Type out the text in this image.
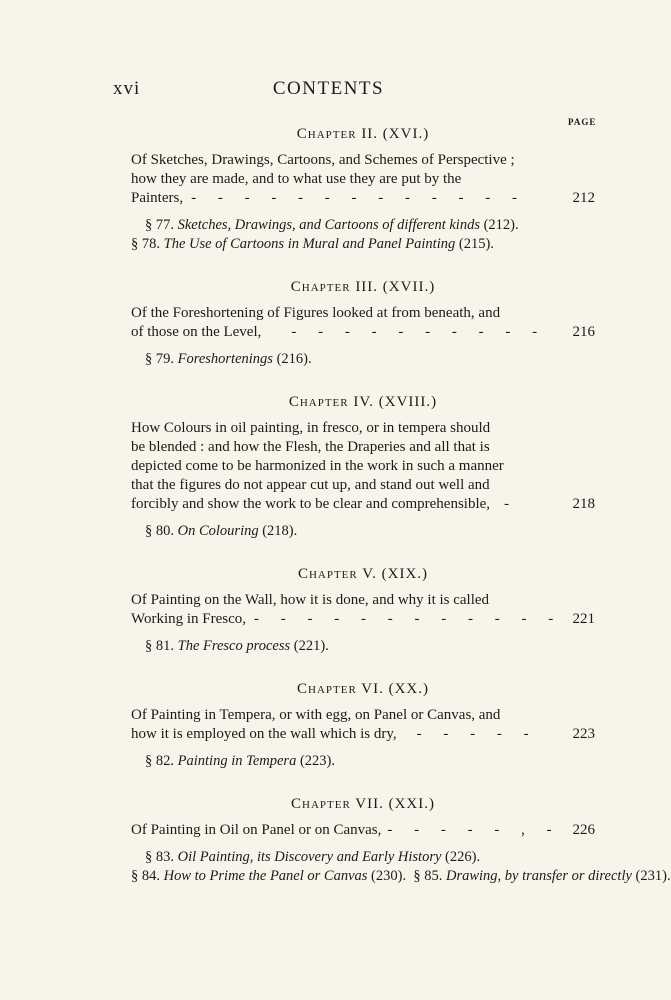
xvi	CONTENTS
PAGE
Chapter II. (XVI.)
Of Sketches, Drawings, Cartoons, and Schemes of Perspective ;
how they are made, and to what use they are put by the
Painters, - - - - - - - - - - - - -	212
§ 77. Sketches, Drawings, and Cartoons of different kinds (212).
§ 78. The Use of Cartoons in Mural and Panel Painting (215).
Chapter III. (XVII.)
Of the Foreshortening of Figures looked at from beneath, and
of those on the Level, - - - - - - - - - - 216
§ 79. Foreshortenings (216).
Chapter IV. (XVIII.)
How Colours in oil painting, in fresco, or in tempera should
be blended : and how the Flesh, the Draperies and all that is
depicted come to be harmonized in the work in such a manner
that the figures do not appear cut up, and stand out well and
forcibly and show the work to be clear and comprehensible, -	218
§ 80. On Colouring (218).
Chapter V. (XIX.)
Of Painting on the Wall, how it is done, and why it is called
Working in Fresco, - - - - - - - - - - - - 221
§ 81. The Fresco process (221).
Chapter VI. (XX.)
Of Painting in Tempera, or with egg, on Panel or Canvas, and
how it is employed on the wall which is dry, - - - - - 223
§ 82. Painting in Tempera (223).
Chapter VII. (XXI.)
Of Painting in Oil on Panel or on Canvas, - - - - - , - 226
§ 83. Oil Painting, its Discovery and Early History (226).
§ 84. How to Prime the Panel or Canvas (230). § 85. Drawing, by transfer or directly (231).
